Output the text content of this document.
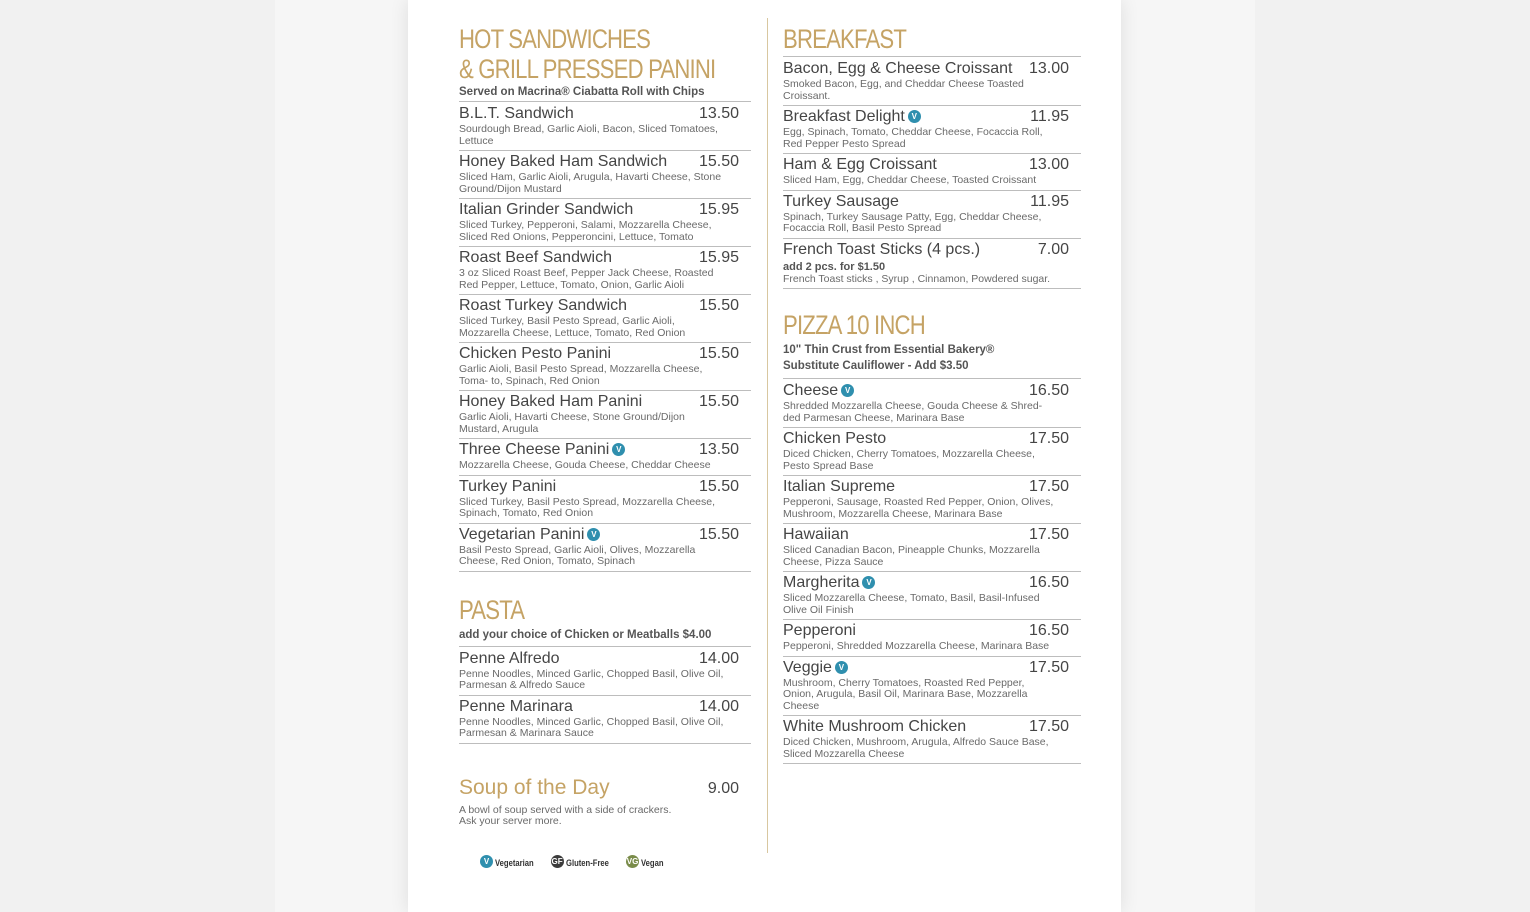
HOT SANDWICHES
& GRILL PRESSED PANINI
Served on Macrina® Ciabatta Roll with Chips
B.L.T. Sandwich	13.50
Sourdough Bread, Garlic Aioli, Bacon, Sliced Tomatoes, Lettuce
Honey Baked Ham Sandwich 15.50
Sliced Ham, Garlic Aioli, Arugula, Havarti Cheese, Stone Ground/Dijon Mustard
Italian Grinder Sandwich	15.95
Sliced Turkey, Pepperoni, Salami, Mozzarella Cheese, Sliced Red Onions, Pepperoncini, Lettuce, Tomato
Roast Beef Sandwich	15.95
3 oz Sliced Roast Beef, Pepper Jack Cheese, Roasted Red Pepper, Lettuce, Tomato, Onion, Garlic Aioli
Roast Turkey Sandwich	15.50
Sliced Turkey, Basil Pesto Spread, Garlic Aioli, Mozzarella Cheese, Lettuce, Tomato, Red Onion
Chicken Pesto Panini	15.50
Garlic Aioli, Basil Pesto Spread, Mozzarella Cheese, Toma- to, Spinach, Red Onion
Honey Baked Ham Panini	15.50
Garlic Aioli, Havarti Cheese, Stone Ground/Dijon Mustard, Arugula
Three Cheese Panini V	13.50
Mozzarella Cheese, Gouda Cheese, Cheddar Cheese
Turkey Panini	15.50
Sliced Turkey, Basil Pesto Spread, Mozzarella Cheese, Spinach, Tomato, Red Onion
Vegetarian Panini V	15.50
Basil Pesto Spread, Garlic Aioli, Olives, Mozzarella Cheese, Red Onion, Tomato, Spinach
PASTA
add your choice of Chicken or Meatballs $4.00
Penne Alfredo	14.00
Penne Noodles, Minced Garlic, Chopped Basil, Olive Oil, Parmesan & Alfredo Sauce
Penne Marinara	14.00
Penne Noodles, Minced Garlic, Chopped Basil, Olive Oil, Parmesan & Marinara Sauce
Soup of the Day	9.00
A bowl of soup served with a side of crackers. Ask your server more.
BREAKFAST
Bacon, Egg & Cheese Croissant 13.00
Smoked Bacon, Egg, and Cheddar Cheese Toasted Croissant.
Breakfast Delight V	11.95
Egg, Spinach, Tomato, Cheddar Cheese, Focaccia Roll, Red Pepper Pesto Spread
Ham & Egg Croissant	13.00
Sliced Ham, Egg, Cheddar Cheese, Toasted Croissant
Turkey Sausage	11.95
Spinach, Turkey Sausage Patty, Egg, Cheddar Cheese, Focaccia Roll, Basil Pesto Spread
French Toast Sticks (4 pcs.)	7.00
add 2 pcs. for $1.50
French Toast sticks , Syrup , Cinnamon, Powdered sugar.
PIZZA 10 INCH
10" Thin Crust from Essential Bakery®
Substitute Cauliflower - Add $3.50
Cheese V	16.50
Shredded Mozzarella Cheese, Gouda Cheese & Shred- ded Parmesan Cheese, Marinara Base
Chicken Pesto	17.50
Diced Chicken, Cherry Tomatoes, Mozzarella Cheese, Pesto Spread Base
Italian Supreme	17.50
Pepperoni, Sausage, Roasted Red Pepper, Onion, Olives, Mushroom, Mozzarella Cheese, Marinara Base
Hawaiian	17.50
Sliced Canadian Bacon, Pineapple Chunks, Mozzarella Cheese, Pizza Sauce
Margherita V	16.50
Sliced Mozzarella Cheese, Tomato, Basil, Basil-Infused Olive Oil Finish
Pepperoni	16.50
Pepperoni, Shredded Mozzarella Cheese, Marinara Base
Veggie V	17.50
Mushroom, Cherry Tomatoes, Roasted Red Pepper, Onion, Arugula, Basil Oil, Marinara Base, Mozzarella Cheese
White Mushroom Chicken	17.50
Diced Chicken, Mushroom, Arugula, Alfredo Sauce Base, Sliced Mozzarella Cheese
V Vegetarian	GF Gluten-Free	VG Vegan
